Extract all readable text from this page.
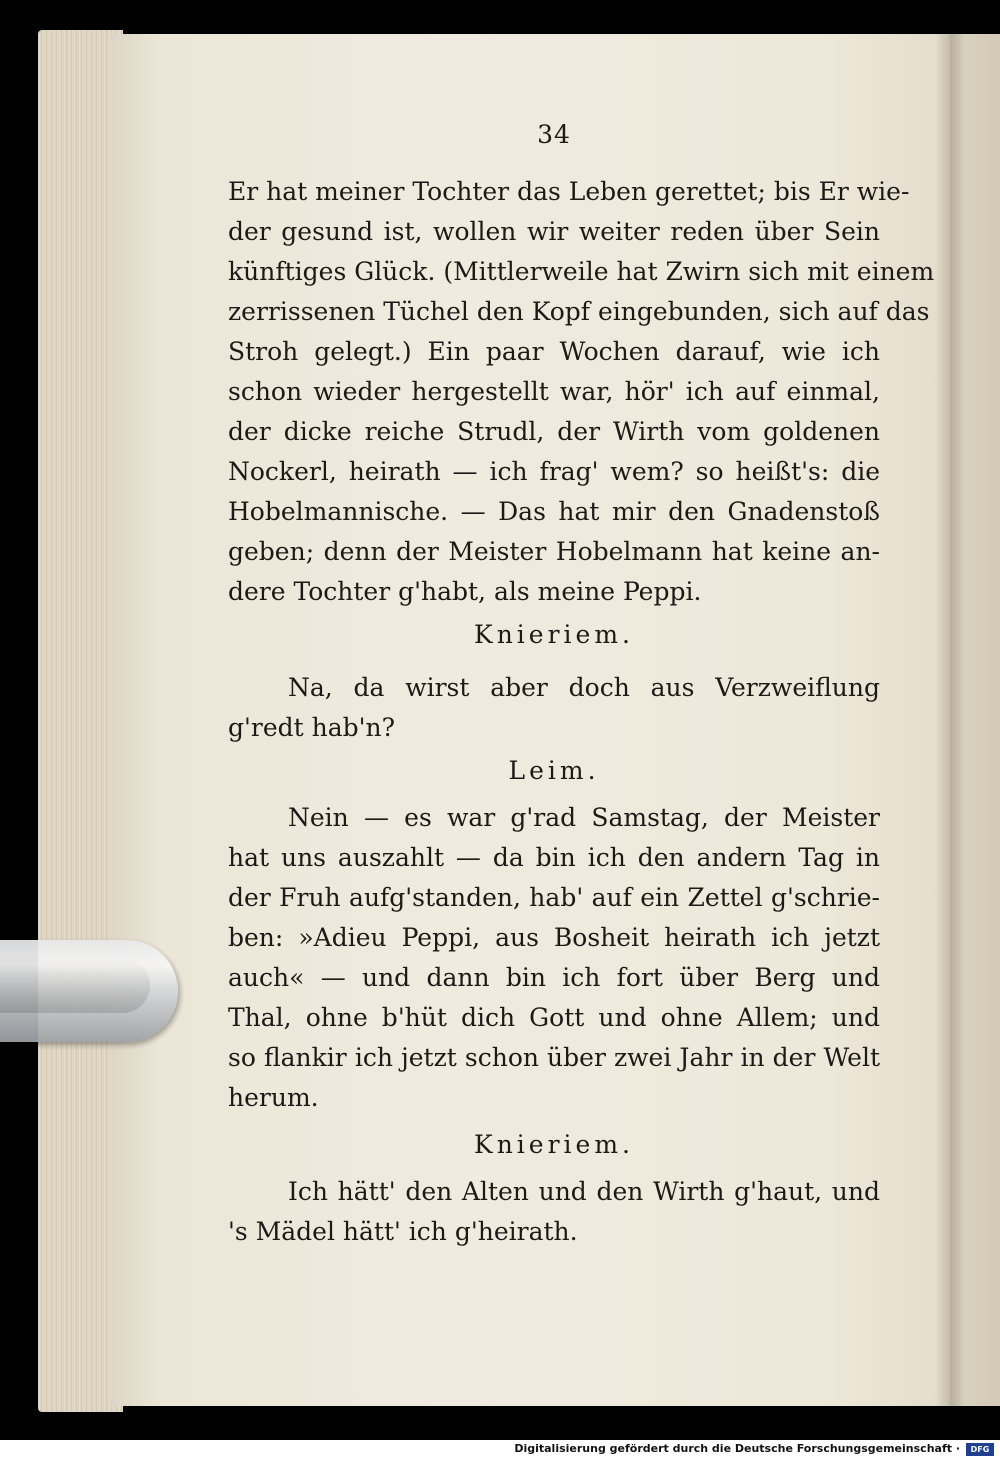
34
Er hat meiner Tochter das Leben gerettet; bis Er wie-
der gesund ist, wollen wir weiter reden über Sein
künftiges Glück. (Mittlerweile hat Zwirn sich mit einem
zerrissenen Tüchel den Kopf eingebunden, sich auf das
Stroh gelegt.) Ein paar Wochen darauf, wie ich
schon wieder hergestellt war, hör' ich auf einmal,
der dicke reiche Strudl, der Wirth vom goldenen
Nockerl, heirath — ich frag' wem? so heißt's: die
Hobelmannische. — Das hat mir den Gnadenstoß
geben; denn der Meister Hobelmann hat keine an-
dere Tochter g'habt, als meine Peppi.
Knieriem.
Na, da wirst aber doch aus Verzweiflung
g'redt hab'n?
Leim.
Nein — es war g'rad Samstag, der Meister
hat uns auszahlt — da bin ich den andern Tag in
der Fruh aufg'standen, hab' auf ein Zettel g'schrie-
ben: »Adieu Peppi, aus Bosheit heirath ich jetzt
auch« — und dann bin ich fort über Berg und
Thal, ohne b'hüt dich Gott und ohne Allem; und
so flankir ich jetzt schon über zwei Jahr in der Welt
herum.
Knieriem.
Ich hätt' den Alten und den Wirth g'haut, und
's Mädel hätt' ich g'heirath.
Digitalisierung gefördert durch die Deutsche Forschungsgemeinschaft ·	DFG
